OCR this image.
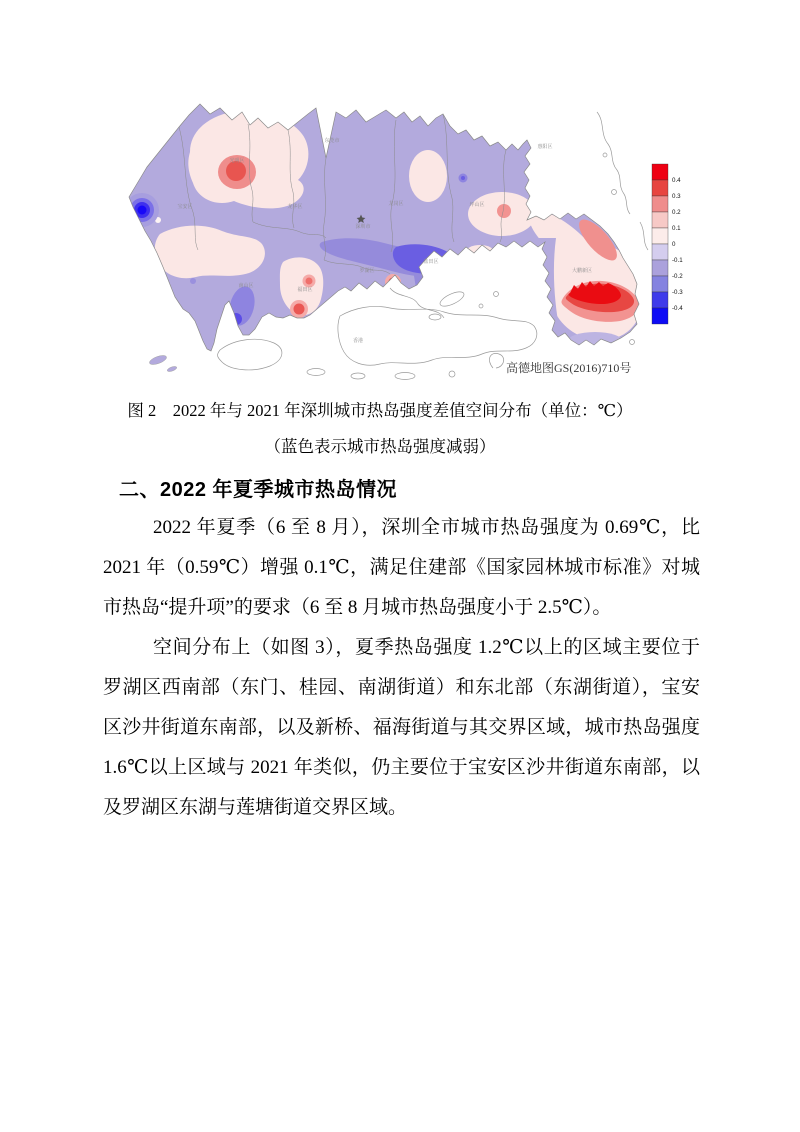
高德地图GS(2016)710号
东莞市
惠阳区
光明区
宝安区	龙华区	龙岗区	坪山区
深圳市
盐田区
罗湖区
南山区
福田区
大鹏新区
香港
0.4
0.3
0.2
0.1
0
-0.1
-0.2
-0.3
-0.4
图 2　2022 年与 2021 年深圳城市热岛强度差值空间分布（单位：℃）
（蓝色表示城市热岛强度减弱）
二、2022 年夏季城市热岛情况

2022 年夏季（6 至 8 月），深圳全市城市热岛强度为 0.69℃，比 2021 年（0.59℃）增强 0.1℃，满足住建部《国家园林城市标准》对城市热岛“提升项”的要求（6 至 8 月城市热岛强度小于 2.5℃）。

空间分布上（如图 3），夏季热岛强度 1.2℃以上的区域主要位于罗湖区西南部（东门、桂园、南湖街道）和东北部（东湖街道），宝安区沙井街道东南部，以及新桥、福海街道与其交界区域，城市热岛强度 1.6℃以上区域与 2021 年类似，仍主要位于宝安区沙井街道东南部，以及罗湖区东湖与莲塘街道交界区域。
